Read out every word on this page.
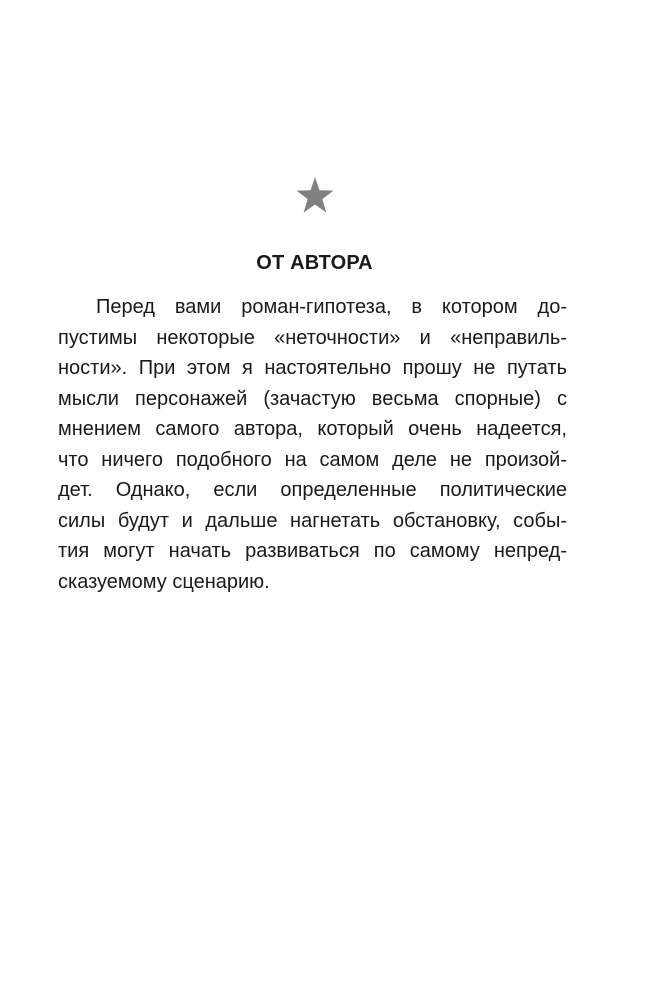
ОТ АВТОРА
Перед вами роман-гипотеза, в котором до-
пустимы некоторые «неточности» и «неправиль-
ности». При этом я настоятельно прошу не путать
мысли персонажей (зачастую весьма спорные) с
мнением самого автора, который очень надеется,
что ничего подобного на самом деле не произой-
дет. Однако, если определенные политические
силы будут и дальше нагнетать обстановку, собы-
тия могут начать развиваться по самому непред-
сказуемому сценарию.
